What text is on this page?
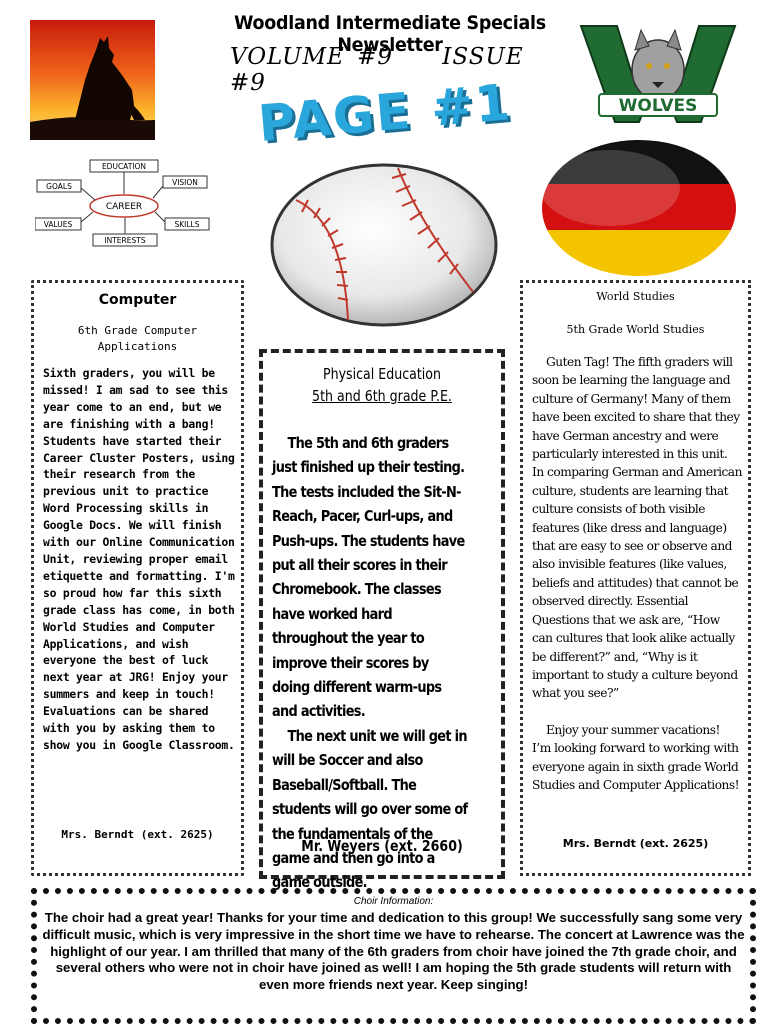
Woodland Intermediate Specials Newsletter
VOLUME #9 ISSUE #9
PAGE #1	WOLVES
EDUCATION
GOALS	VISION
CAREER
VALUES	SKILLS
INTERESTS
Computer
6th Grade Computer
Applications
Sixth graders, you will be missed! I am sad to see this year come to an end, but we are finishing with a bang! Students have started their Career Cluster Posters, using their research from the previous unit to practice Word Processing skills in Google Docs. We will finish with our Online Communication Unit, reviewing proper email etiquette and formatting. I'm so proud how far this sixth grade class has come, in both World Studies and Computer Applications, and wish everyone the best of luck next year at JRG! Enjoy your summers and keep in touch! Evaluations can be shared with you by asking them to show you in Google Classroom.
Mrs. Berndt (ext. 2625)
Physical Education
5th and 6th grade P.E.
The 5th and 6th graders just finished up their testing. The tests included the Sit-N-Reach, Pacer, Curl-ups, and Push-ups. The students have put all their scores in their Chromebook. The classes have worked hard throughout the year to improve their scores by doing different warm-ups and activities.
The next unit we will get in will be Soccer and also Baseball/Softball. The students will go over some of the fundamentals of the game and then go into a game outside.
Mr. Weyers (ext. 2660)
World Studies
5th Grade World Studies

Guten Tag! The fifth graders will soon be learning the language and culture of Germany! Many of them have been excited to share that they have German ancestry and were particularly interested in this unit. In comparing German and American culture, students are learning that culture consists of both visible features (like dress and language) that are easy to see or observe and also invisible features (like values, beliefs and attitudes) that cannot be observed directly. Essential Questions that we ask are, “How can cultures that look alike actually be different?” and, “Why is it important to study a culture beyond what you see?”

Enjoy your summer vacations! I’m looking forward to working with everyone again in sixth grade World Studies and Computer Applications!

Mrs. Berndt (ext. 2625)
Choir Information:
The choir had a great year! Thanks for your time and dedication to this group! We successfully sang some very difficult music, which is very impressive in the short time we have to rehearse. The concert at Lawrence was the highlight of our year. I am thrilled that many of the 6th graders from choir have joined the 7th grade choir, and several others who were not in choir have joined as well! I am hoping the 5th grade students will return with even more friends next year. Keep singing!
